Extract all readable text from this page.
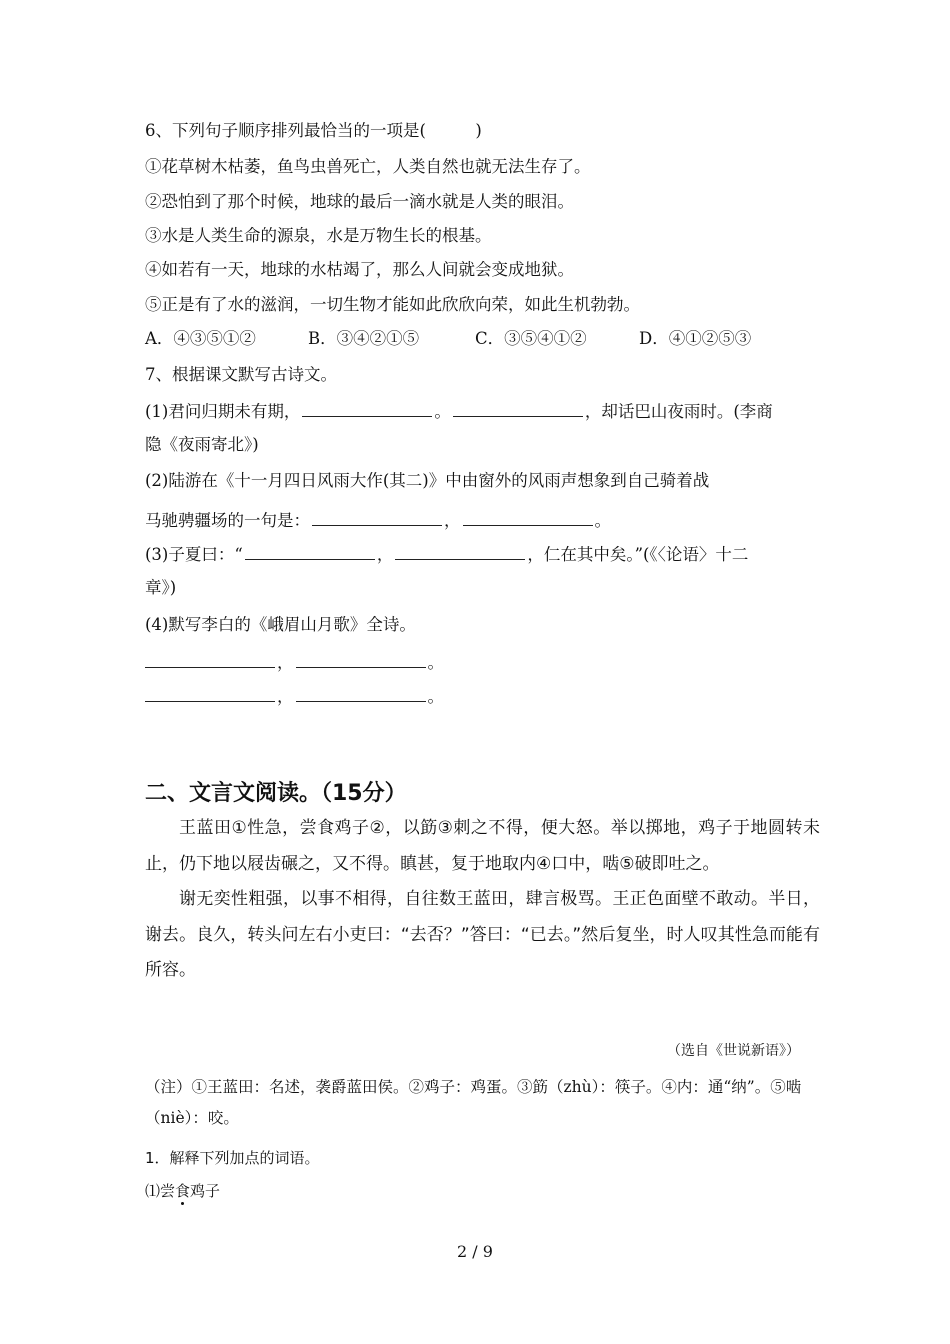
6、下列句子顺序排列最恰当的一项是(　　　)
①花草树木枯萎，鱼鸟虫兽死亡，人类自然也就无法生存了。
②恐怕到了那个时候，地球的最后一滴水就是人类的眼泪。
③水是人类生命的源泉，水是万物生长的根基。
④如若有一天，地球的水枯竭了，那么人间就会变成地狱。
⑤正是有了水的滋润，一切生物才能如此欣欣向荣，如此生机勃勃。
A．④③⑤①②	B．③④②①⑤	C．③⑤④①②	D．④①②⑤③
7、根据课文默写古诗文。
(1)君问归期未有期，	。	，却话巴山夜雨时。(李商
隐《夜雨寄北》)
(2)陆游在《十一月四日风雨大作(其二)》中由窗外的风雨声想象到自己骑着战
马驰骋疆场的一句是：	，	。
(3)子夏曰：“	，	，仁在其中矣。”(《〈论语〉十二
章》)
(4)默写李白的《峨眉山月歌》全诗。
，	。
，	。
二、文言文阅读。（15分）

王蓝田①性急，尝食鸡子②，以筯③刺之不得，便大怒。举以掷地，鸡子于地圆转未止，仍下地以屐齿碾之，又不得。瞋甚，复于地取内④口中，啮⑤破即吐之。

谢无奕性粗强，以事不相得，自往数王蓝田，肆言极骂。王正色面壁不敢动。半日，谢去。良久，转头问左右小吏曰：“去否？”答曰：“已去。”然后复坐，时人叹其性急而能有所容。

（选自《世说新语》）
（注）①王蓝田：名述，袭爵蓝田侯。②鸡子：鸡蛋。③筯（zhù）：筷子。④内：通“纳”。⑤啮（niè）：咬。
1．解释下列加点的词语。
⑴尝食鸡子
2 / 9
